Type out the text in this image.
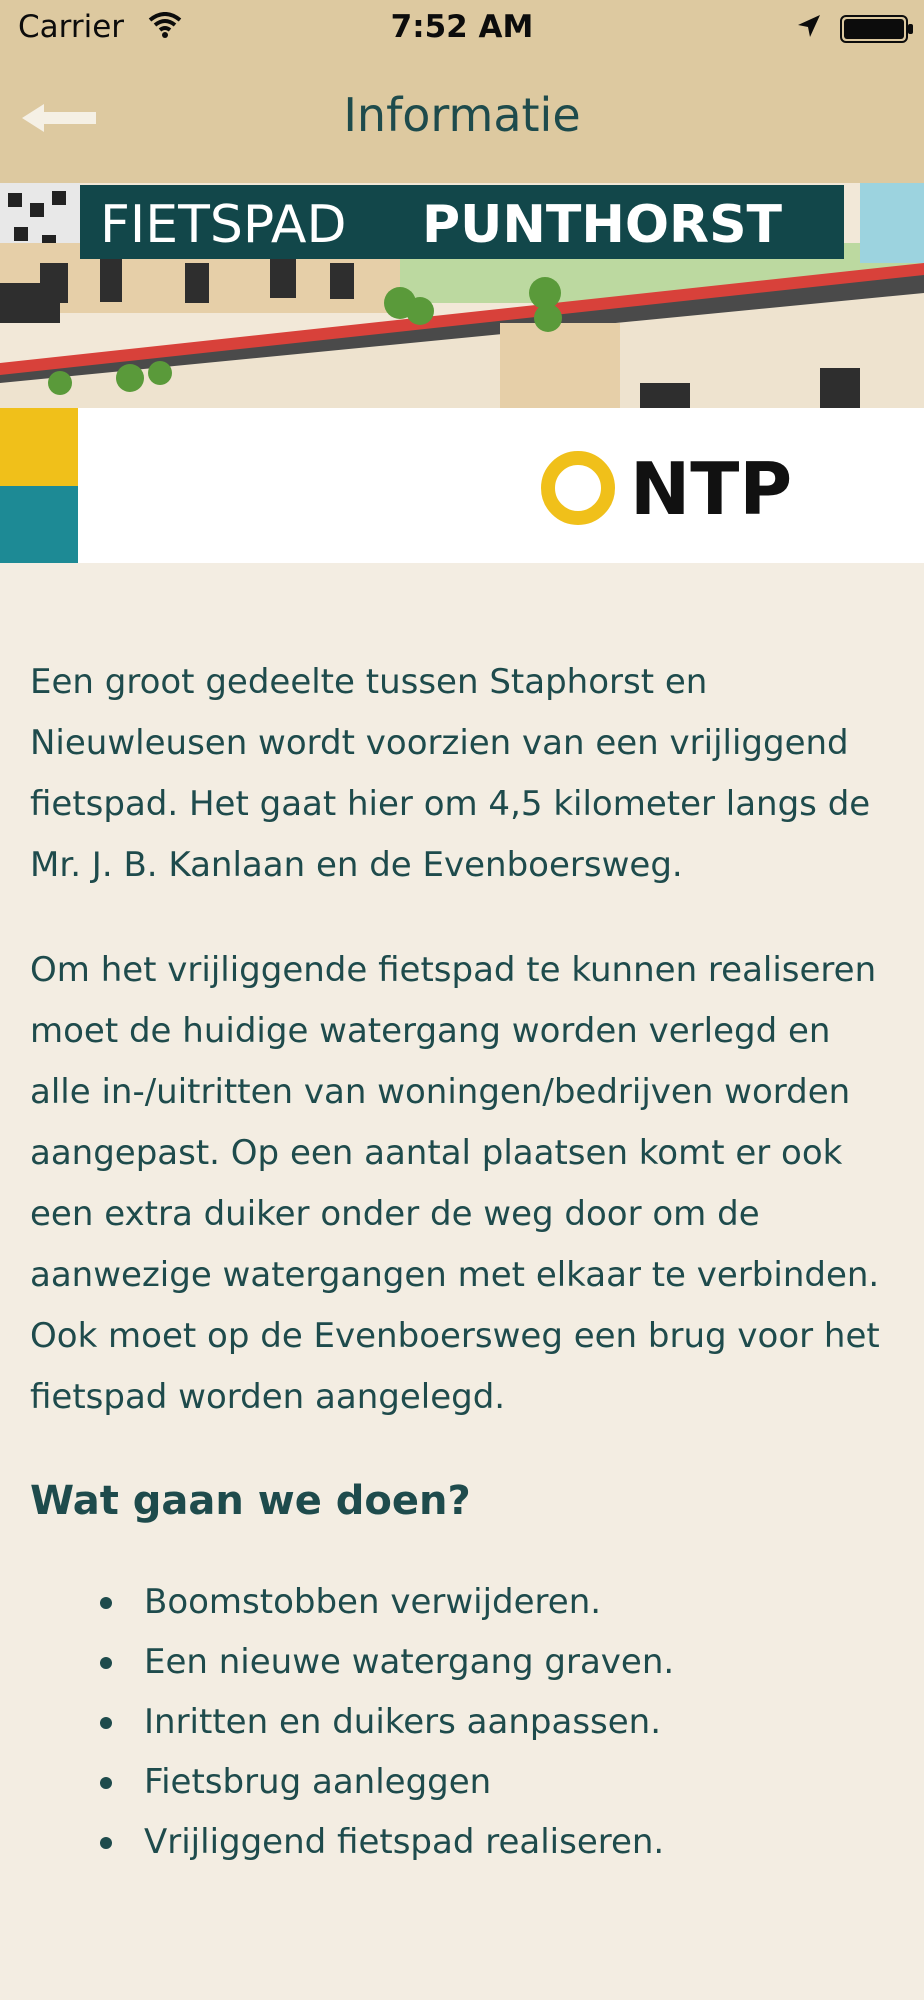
Carrier	7:52 AM
Informatie
FIETSPAD PUNTHORST
NTP

Een groot gedeelte tussen Staphorst en Nieuwleusen wordt voorzien van een vrijliggend fietspad. Het gaat hier om 4,5 kilometer langs de Mr. J. B. Kanlaan en de Evenboersweg.

Om het vrijliggende fietspad te kunnen realiseren moet de huidige watergang worden verlegd en alle in-/uitritten van woningen/bedrijven worden aangepast. Op een aantal plaatsen komt er ook een extra duiker onder de weg door om de aanwezige watergangen met elkaar te verbinden. Ook moet op de Evenboersweg een brug voor het fietspad worden aangelegd.

Wat gaan we doen?
Boomstobben verwijderen.
Een nieuwe watergang graven.
Inritten en duikers aanpassen.
Fietsbrug aanleggen
Vrijliggend fietspad realiseren.
